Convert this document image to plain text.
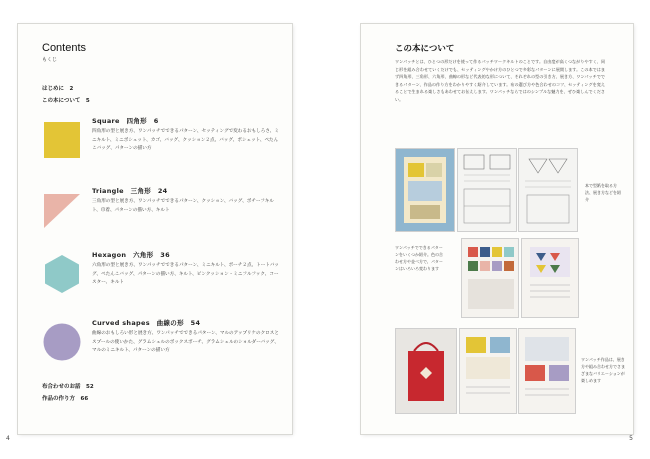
Contents
もくじ
はじめに　2
この本について　5
Square　四角形　6
四角形の型と展き方、ワンパッチでできるパターン、セッティングで変わるおもしろさ、ミニキルト、ミニポシェット、カゴ、バッグ、クッション２点、バッグ、ポシェット、ペたんこバッグ、パターンの描い方
Triangle　三角形　24
三角形の型と展き方、ワンパッチでできるパターン、クッション、バッグ、ポチーフキルト、巾着、パターンの描い方、キルト
Hexagon　六角形　36
六角形の型と展き方、ワンパッチでできるパターン、ミニキルト、ポーチ２点、トートバッグ、ペたんこバッグ、パターンの描い方、キルト、ピンクッション・ミニフルフック、コースター、キルト
Curved shapes　曲線の形　54
曲線のおもしろい形と展き方、ワンパッチでできるパターン、マルのアップリケのクロスとスプールの使いかた、グラムシェルのボックスポーチ、グラムシェルのショルダーバッグ、マルのミニキルト、パターンの描い方
布合わせのお話　52
作品の作り方　66
4
この本について
ワンパッチとは、ひとつの形だけを使って作るパッチワークキルトのことです。自由度が高くつながりやすく、同じ形を組み合わせていくだけでも、セッティングやかけ方のひとつで多彩なパターンに展開します。この本ではまず四角形、三角形、六角形、曲線の形など代表的な形について、それぞれの型の引き方、展き方、ワンパッチでできるパターン、作品の作り方をわかりやすく紹介しています。布の選び方や色合わせのコツ、セッティングを変えることで生まれる楽しさもあわせてお伝えします。ワンパッチならではのシンプルな魅力を、ぜひ楽しんでください。
本で型紙を取る方法、展き方などを紹介
ワンパッチでできるパターンをいくつか紹介。色の合わせ方や並べ方で、パターンはいろいろ変わります
ワンパッチ作品は、展き方や組み合わせ方でさまざまなバリエーションが楽しめます
5
